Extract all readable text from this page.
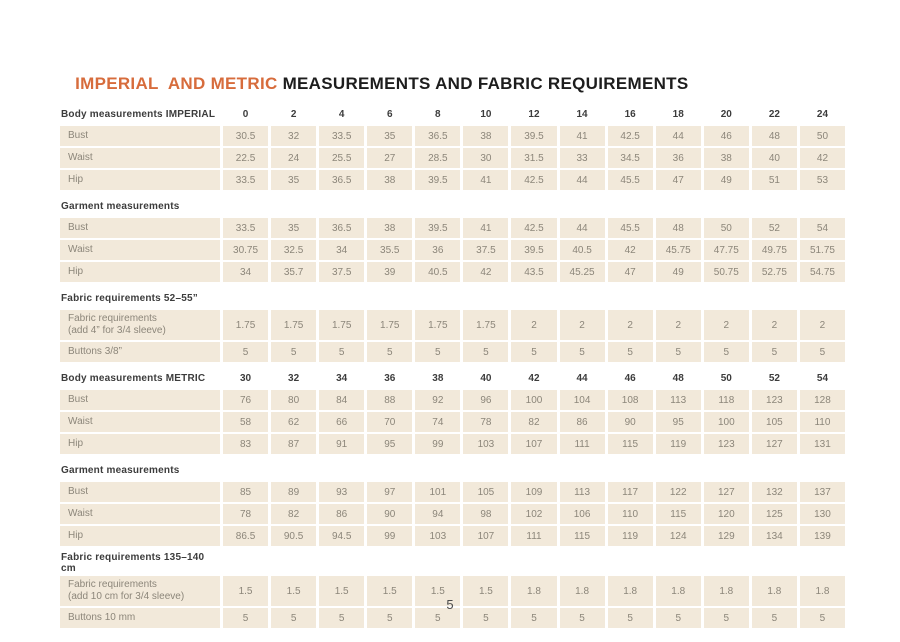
IMPERIAL  AND METRIC MEASUREMENTS AND FABRIC REQUIREMENTS

Body measurements IMPERIAL	0	2	4	6	8	10	12	14	16	18	20	22	24
Bust	30.5	32	33.5	35	36.5	38	39.5	41	42.5	44	46	48	50
Waist	22.5	24	25.5	27	28.5	30	31.5	33	34.5	36	38	40	42
Hip	33.5	35	36.5	38	39.5	41	42.5	44	45.5	47	49	51	53
Garment measurements
Bust	33.5	35	36.5	38	39.5	41	42.5	44	45.5	48	50	52	54
Waist	30.75	32.5	34	35.5	36	37.5	39.5	40.5	42	45.75	47.75	49.75	51.75
Hip	34	35.7	37.5	39	40.5	42	43.5	45.25	47	49	50.75	52.75	54.75
Fabric requirements 52–55”
Fabric requirements
(add 4” for 3/4 sleeve)	1.75	1.75	1.75	1.75	1.75	1.75	2	2	2	2	2	2	2
Buttons 3/8”	5	5	5	5	5	5	5	5	5	5	5	5	5
Body measurements METRIC	30	32	34	36	38	40	42	44	46	48	50	52	54
Bust	76	80	84	88	92	96	100	104	108	113	118	123	128
Waist	58	62	66	70	74	78	82	86	90	95	100	105	110
Hip	83	87	91	95	99	103	107	111	115	119	123	127	131
Garment measurements
Bust	85	89	93	97	101	105	109	113	117	122	127	132	137
Waist	78	82	86	90	94	98	102	106	110	115	120	125	130
Hip	86.5	90.5	94.5	99	103	107	111	115	119	124	129	134	139
Fabric requirements 135–140 cm
Fabric requirements
(add 10 cm for 3/4 sleeve)	1.5	1.5	1.5	1.5	1.5	1.5	1.8	1.8	1.8	1.8	1.8	1.8	1.8
Buttons 10 mm	5	5	5	5	5	5	5	5	5	5	5	5	5
5
